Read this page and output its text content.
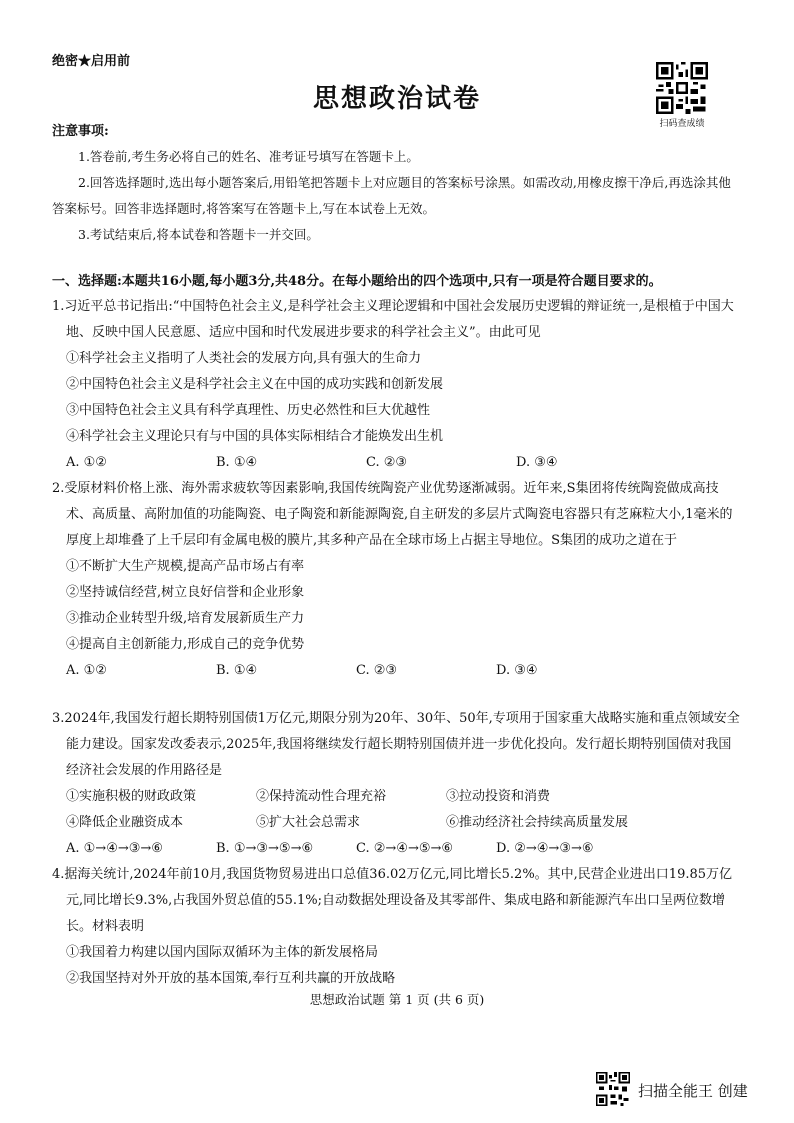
绝密★启用前
思想政治试卷
扫码查成绩
注意事项:

1.答卷前,考生务必将自己的姓名、准考证号填写在答题卡上。

2.回答选择题时,选出每小题答案后,用铅笔把答题卡上对应题目的答案标号涂黑。如需改动,用橡皮擦干净后,再选涂其他答案标号。回答非选择题时,将答案写在答题卡上,写在本试卷上无效。

3.考试结束后,将本试卷和答题卡一并交回。

一、选择题:本题共16小题,每小题3分,共48分。在每小题给出的四个选项中,只有一项是符合题目要求的。

1.习近平总书记指出:“中国特色社会主义,是科学社会主义理论逻辑和中国社会发展历史逻辑的辩证统一,是根植于中国大地、反映中国人民意愿、适应中国和时代发展进步要求的科学社会主义”。由此可见

①科学社会主义指明了人类社会的发展方向,具有强大的生命力

②中国特色社会主义是科学社会主义在中国的成功实践和创新发展

③中国特色社会主义具有科学真理性、历史必然性和巨大优越性

④科学社会主义理论只有与中国的具体实际相结合才能焕发出生机

A. ①②	B. ①④	C. ②③	D. ③④

2.受原材料价格上涨、海外需求疲软等因素影响,我国传统陶瓷产业优势逐渐减弱。近年来,S集团将传统陶瓷做成高技术、高质量、高附加值的功能陶瓷、电子陶瓷和新能源陶瓷,自主研发的多层片式陶瓷电容器只有芝麻粒大小,1毫米的厚度上却堆叠了上千层印有金属电极的膜片,其多种产品在全球市场上占据主导地位。S集团的成功之道在于

①不断扩大生产规模,提高产品市场占有率

②坚持诚信经营,树立良好信誉和企业形象

③推动企业转型升级,培育发展新质生产力

④提高自主创新能力,形成自己的竞争优势

A. ①②	B. ①④	C. ②③	D. ③④

3.2024年,我国发行超长期特别国债1万亿元,期限分别为20年、30年、50年,专项用于国家重大战略实施和重点领域安全能力建设。国家发改委表示,2025年,我国将继续发行超长期特别国债并进一步优化投向。发行超长期特别国债对我国经济社会发展的作用路径是

①实施积极的财政政策	②保持流动性合理充裕	③拉动投资和消费
④降低企业融资成本	⑤扩大社会总需求	⑥推动经济社会持续高质量发展
A. ①→④→③→⑥	B. ①→③→⑤→⑥	C. ②→④→⑤→⑥	D. ②→④→③→⑥

4.据海关统计,2024年前10月,我国货物贸易进出口总值36.02万亿元,同比增长5.2%。其中,民营企业进出口19.85万亿元,同比增长9.3%,占我国外贸总值的55.1%;自动数据处理设备及其零部件、集成电路和新能源汽车出口呈两位数增长。材料表明

①我国着力构建以国内国际双循环为主体的新发展格局

②我国坚持对外开放的基本国策,奉行互利共赢的开放战略

思想政治试题 第 1 页 (共 6 页)
扫描全能王 创建
